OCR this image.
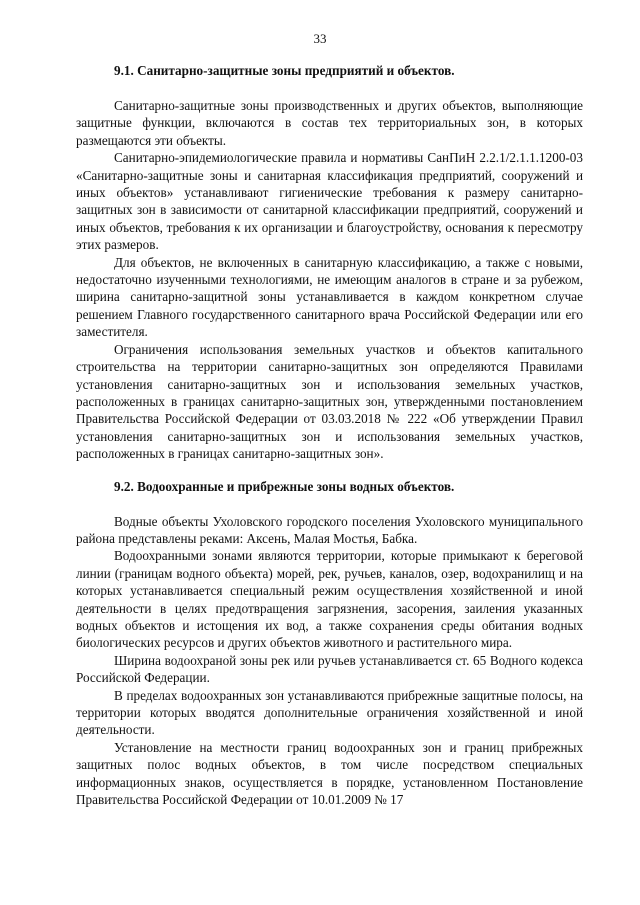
33
9.1. Санитарно-защитные зоны предприятий и объектов.

Санитарно-защитные зоны производственных и других объектов, выполняющие защитные функции, включаются в состав тех территориальных зон, в которых размещаются эти объекты.

Санитарно-эпидемиологические правила и нормативы СанПиН 2.2.1/2.1.1.1200-03 «Санитарно-защитные зоны и санитарная классификация предприятий, сооружений и иных объектов» устанавливают гигиенические требования к размеру санитарно-защитных зон в зависимости от санитарной классификации предприятий, сооружений и иных объектов, требования к их организации и благоустройству, основания к пересмотру этих размеров.

Для объектов, не включенных в санитарную классификацию, а также с новыми, недостаточно изученными технологиями, не имеющим аналогов в стране и за рубежом, ширина санитарно-защитной зоны устанавливается в каждом конкретном случае решением Главного государственного санитарного врача Российской Федерации или его заместителя.

Ограничения использования земельных участков и объектов капитального строительства на территории санитарно-защитных зон определяются Правилами установления санитарно-защитных зон и использования земельных участков, расположенных в границах санитарно-защитных зон, утвержденными постановлением Правительства Российской Федерации от 03.03.2018 № 222 «Об утверждении Правил установления санитарно-защитных зон и использования земельных участков, расположенных в границах санитарно-защитных зон».

9.2. Водоохранные и прибрежные зоны водных объектов.

Водные объекты Ухоловского городского поселения Ухоловского муниципального района представлены реками: Аксень, Малая Мостья, Бабка.

Водоохранными зонами являются территории, которые примыкают к береговой линии (границам водного объекта) морей, рек, ручьев, каналов, озер, водохранилищ и на которых устанавливается специальный режим осуществления хозяйственной и иной деятельности в целях предотвращения загрязнения, засорения, заиления указанных водных объектов и истощения их вод, а также сохранения среды обитания водных биологических ресурсов и других объектов животного и растительного мира.

Ширина водоохраной зоны рек или ручьев устанавливается ст. 65 Водного кодекса Российской Федерации.

В пределах водоохранных зон устанавливаются прибрежные защитные полосы, на территории которых вводятся дополнительные ограничения хозяйственной и иной деятельности.

Установление на местности границ водоохранных зон и границ прибрежных защитных полос водных объектов, в том числе посредством специальных информационных знаков, осуществляется в порядке, установленном Постановление Правительства Российской Федерации от 10.01.2009 № 17
